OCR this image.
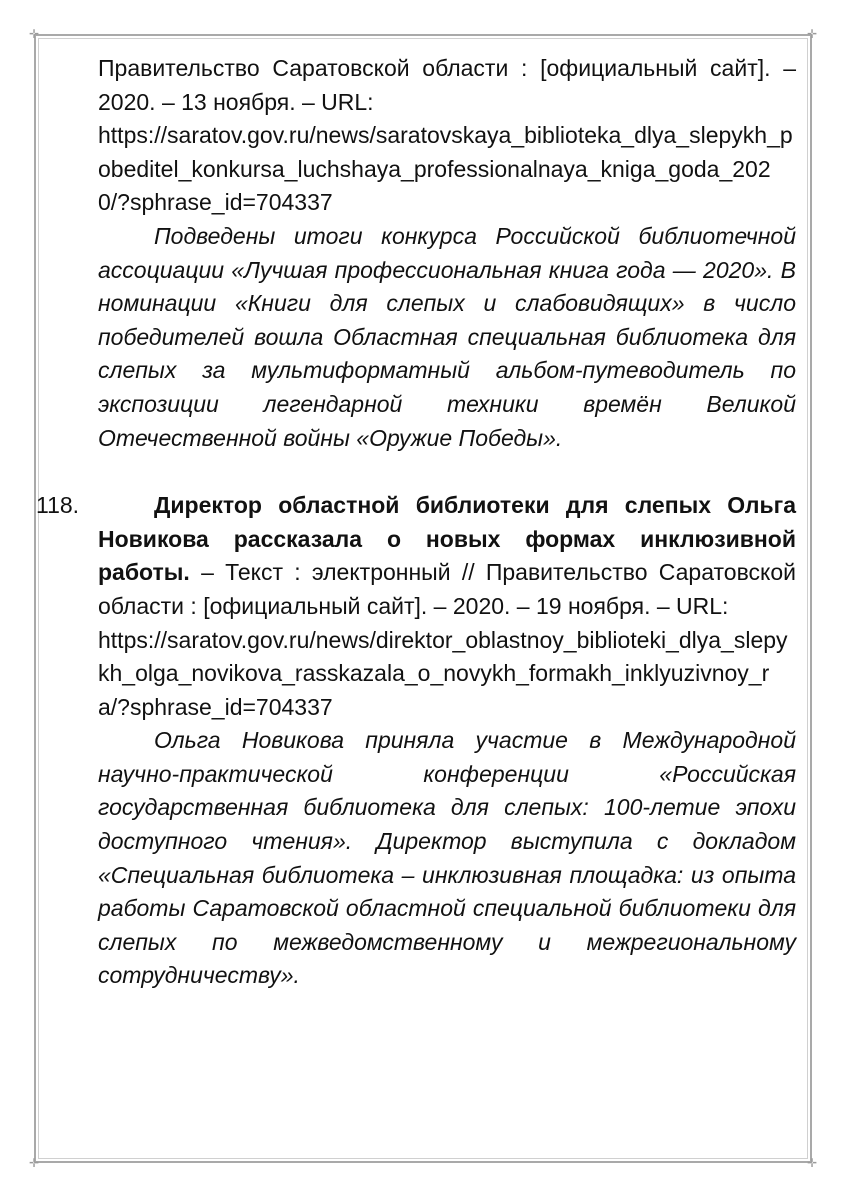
✛	✛
✛	✛

Правительство Саратовской области : [официальный сайт]. – 2020. – 13 ноября. – URL:

https://saratov.gov.ru/news/saratovskaya_biblioteka_dlya_slepykh_pobeditel_konkursa_luchshaya_professionalnaya_kniga_goda_2020/?sphrase_id=704337

Подведены итоги конкурса Российской библиотечной ассоциации «Лучшая профессиональная книга года — 2020». В номинации «Книги для слепых и слабовидящих» в число победителей вошла Областная специальная библиотека для слепых за мультиформатный альбом-путеводитель по экспозиции легендарной техники времён Великой Отечественной войны «Оружие Победы».

118.	Директор областной библиотеки для слепых Ольга Новикова рассказала о новых формах инклюзивной работы. – Текст : электронный // Правительство Саратовской области : [официальный сайт]. – 2020. – 19 ноября. – URL:

https://saratov.gov.ru/news/direktor_oblastnoy_biblioteki_dlya_slepykh_olga_novikova_rasskazala_o_novykh_formakh_inklyuzivnoy_ra/?sphrase_id=704337

Ольга Новикова приняла участие в Международной научно-практической конференции «Российская государственная библиотека для слепых: 100-летие эпохи доступного чтения». Директор выступила с докладом «Специальная библиотека – инклюзивная площадка: из опыта работы Саратовской областной специальной библиотеки для слепых по межведомственному и межрегиональному сотрудничеству».
